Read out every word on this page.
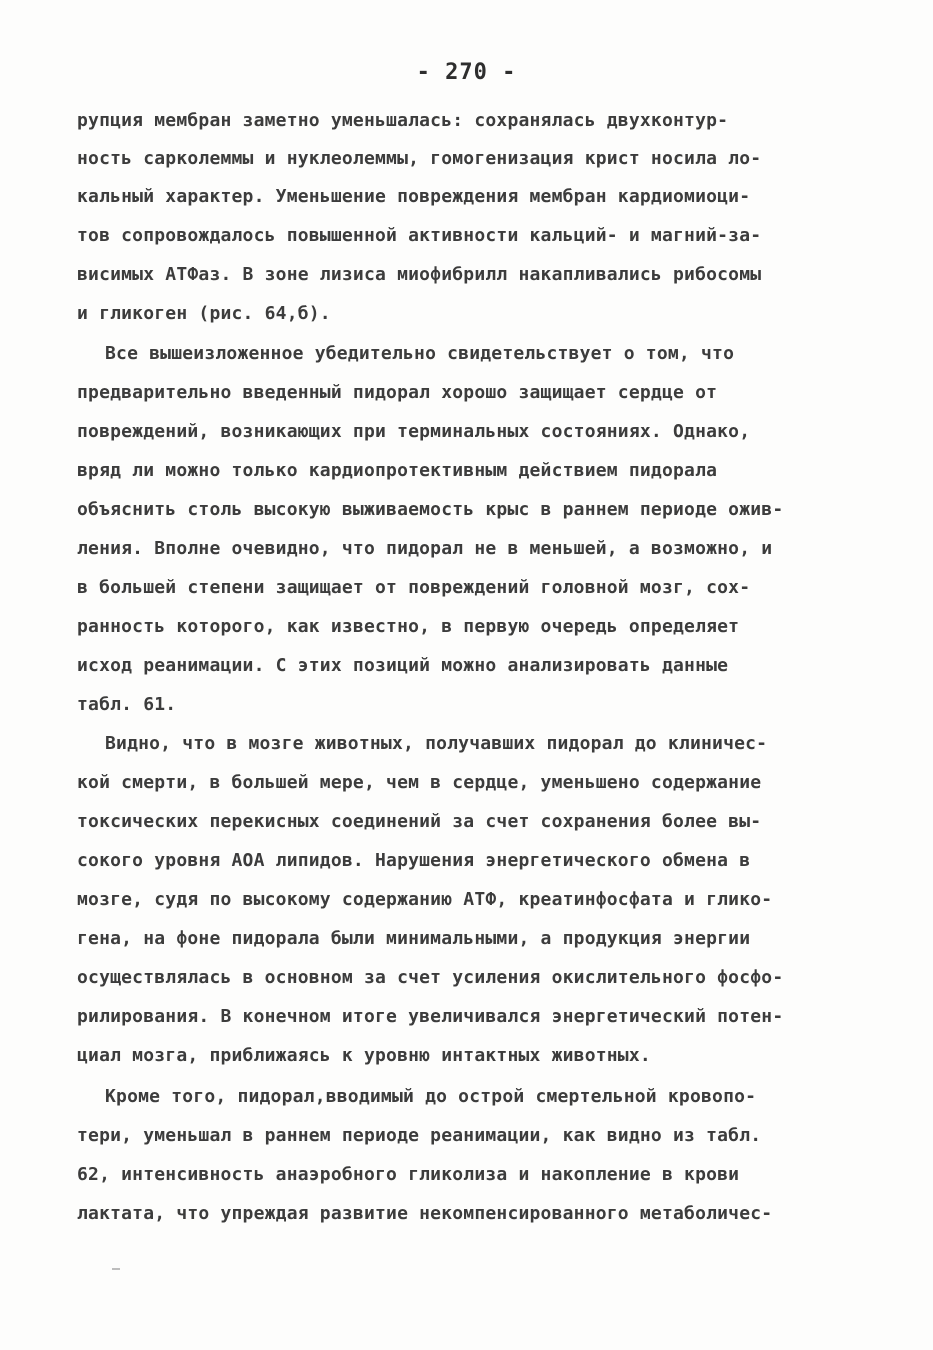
- 270 -
рупция мембран заметно уменьшалась: сохранялась двухконтур-
ность сарколеммы и нуклеолеммы, гомогенизация крист носила ло-
кальный характер. Уменьшение повреждения мембран кардиомиоци-
тов сопровождалось повышенной активности кальций- и магний-за-
висимых АТФаз. В зоне лизиса миофибрилл накапливались рибосомы
и гликоген (рис. 64,б).
Все вышеизложенное убедительно свидетельствует о том, что
предварительно введенный пидорал хорошо защищает сердце от
повреждений, возникающих при терминальных состояниях. Однако,
вряд ли можно только кардиопротективным действием пидорала
объяснить столь высокую выживаемость крыс в раннем периоде ожив-
ления. Вполне очевидно, что пидорал не в меньшей, а возможно, и
в большей степени защищает от повреждений головной мозг, сох-
ранность которого, как известно, в первую очередь определяет
исход реанимации. С этих позиций можно анализировать данные
табл. 61.
Видно, что в мозге животных, получавших пидорал до клиничес-
кой смерти, в большей мере, чем в сердце, уменьшено содержание
токсических перекисных соединений за счет сохранения более вы-
сокого уровня АОА липидов. Нарушения энергетического обмена в
мозге, судя по высокому содержанию АТФ, креатинфосфата и глико-
гена, на фоне пидорала были минимальными, а продукция энергии
осуществлялась в основном за счет усиления окислительного фосфо-
рилирования. В конечном итоге увеличивался энергетический потен-
циал мозга, приближаясь к уровню интактных животных.
Кроме того, пидорал,вводимый до острой смертельной кровопо-
тери, уменьшал в раннем периоде реанимации, как видно из табл.
62, интенсивность анаэробного гликолиза и накопление в крови
лактата, что упреждая развитие некомпенсированного метаболичес-
